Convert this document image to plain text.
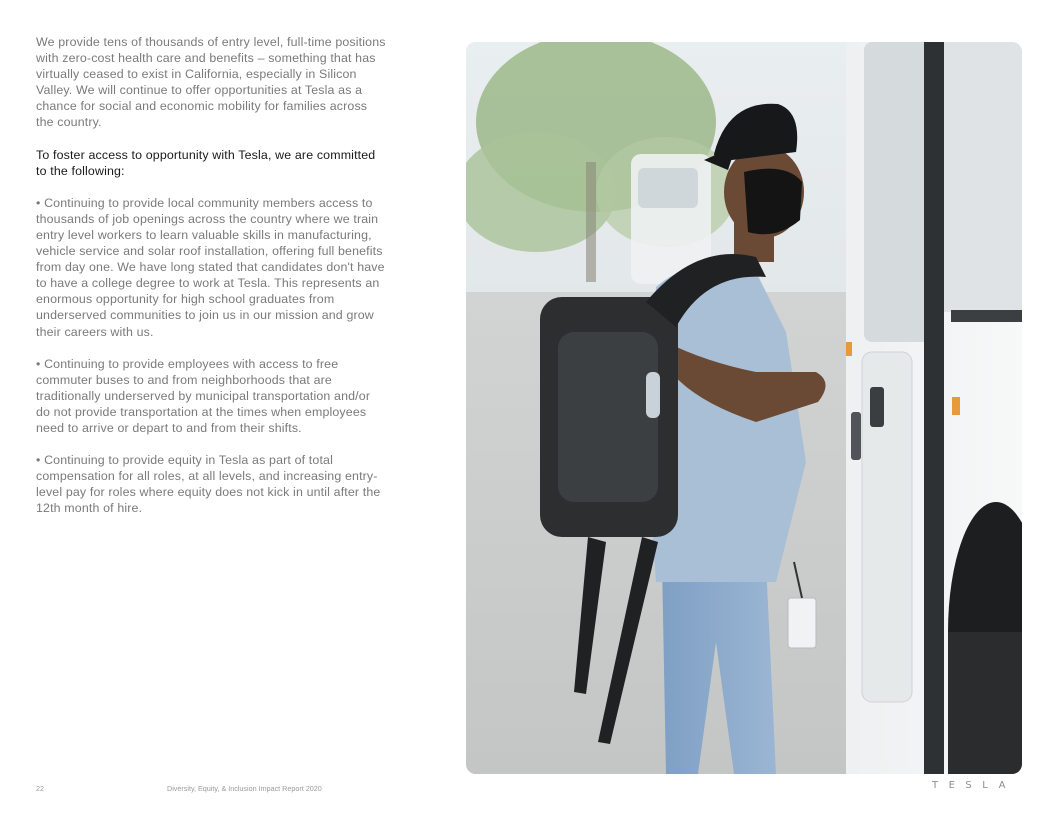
We provide tens of thousands of entry level, full-time positions with zero-cost health care and benefits – something that has virtually ceased to exist in California, especially in Silicon Valley. We will continue to offer opportunities at Tesla as a chance for social and economic mobility for families across the country.

To foster access to opportunity with Tesla, we are committed to the following:

• Continuing to provide local community members access to thousands of job openings across the country where we train entry level workers to learn valuable skills in manufacturing, vehicle service and solar roof installation, offering full benefits from day one. We have long stated that candidates don't have to have a college degree to work at Tesla. This represents an enormous opportunity for high school graduates from underserved communities to join us in our mission and grow their careers with us.

• Continuing to provide employees with access to free commuter buses to and from neighborhoods that are traditionally underserved by municipal transportation and/or do not provide transportation at the times when employees need to arrive or depart to and from their shifts.

• Continuing to provide equity in Tesla as part of total compensation for all roles, at all levels, and increasing entry-level pay for roles where equity does not kick in until after the 12th month of hire.

22	Diversity, Equity, & Inclusion Impact Report 2020	TESLA
